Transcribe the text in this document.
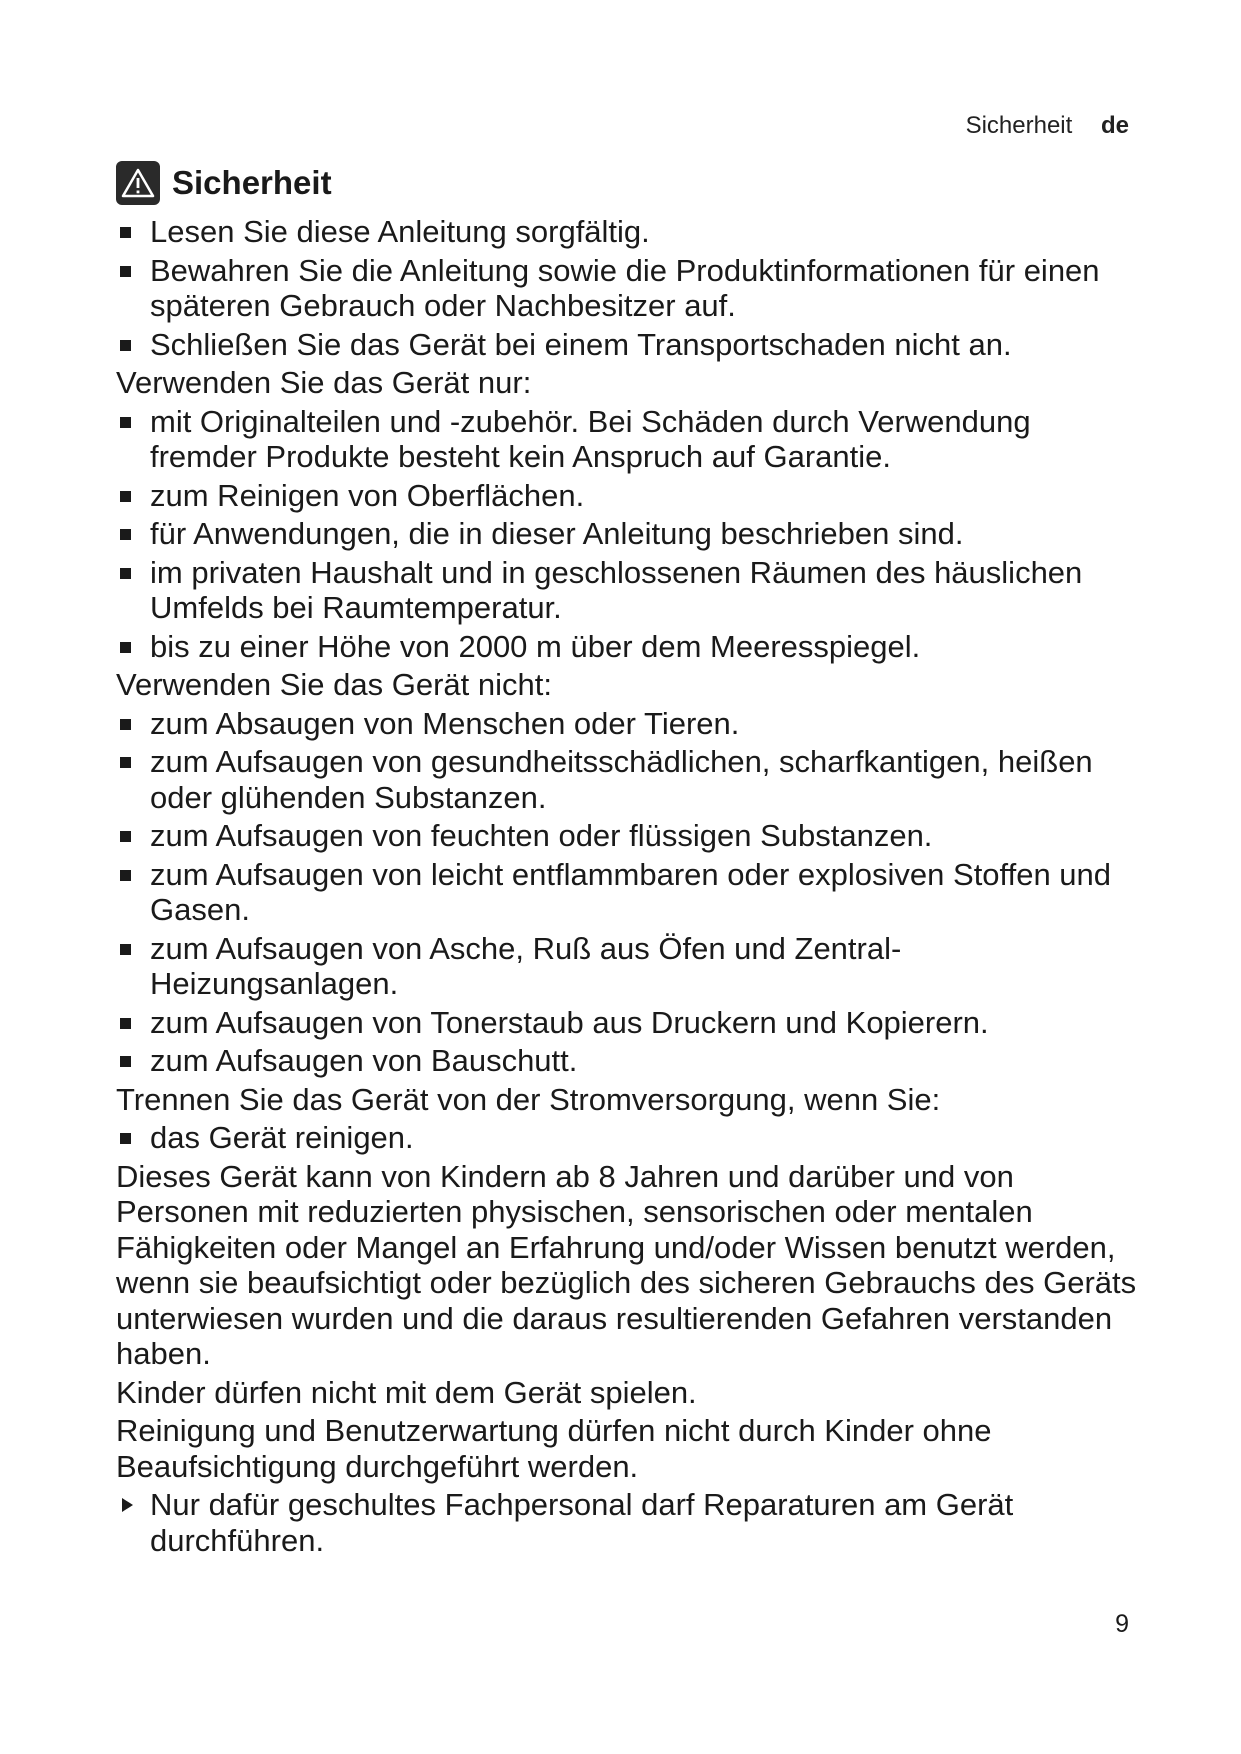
Sicherheit de
Sicherheit
Lesen Sie diese Anleitung sorgfältig.
Bewahren Sie die Anleitung sowie die Produktinformationen für einen späteren Gebrauch oder Nachbesitzer auf.
Schließen Sie das Gerät bei einem Transportschaden nicht an.
Verwenden Sie das Gerät nur:
mit Originalteilen und -zubehör. Bei Schäden durch Verwendung fremder Produkte besteht kein Anspruch auf Garantie.
zum Reinigen von Oberflächen.
für Anwendungen, die in dieser Anleitung beschrieben sind.
im privaten Haushalt und in geschlossenen Räumen des häuslichen Umfelds bei Raumtemperatur.
bis zu einer Höhe von 2000 m über dem Meeresspiegel.
Verwenden Sie das Gerät nicht:
zum Absaugen von Menschen oder Tieren.
zum Aufsaugen von gesundheitsschädlichen, scharfkantigen, heißen oder glühenden Substanzen.
zum Aufsaugen von feuchten oder flüssigen Substanzen.
zum Aufsaugen von leicht entflammbaren oder explosiven Stoffen und Gasen.
zum Aufsaugen von Asche, Ruß aus Öfen und Zentral-Heizungsanlagen.
zum Aufsaugen von Tonerstaub aus Druckern und Kopierern.
zum Aufsaugen von Bauschutt.
Trennen Sie das Gerät von der Stromversorgung, wenn Sie:
das Gerät reinigen.
Dieses Gerät kann von Kindern ab 8 Jahren und darüber und von Personen mit reduzierten physischen, sensorischen oder mentalen Fähigkeiten oder Mangel an Erfahrung und/oder Wissen benutzt werden, wenn sie beaufsichtigt oder bezüglich des sicheren Gebrauchs des Geräts unterwiesen wurden und die daraus resultierenden Gefahren verstanden haben.
Kinder dürfen nicht mit dem Gerät spielen.
Reinigung und Benutzerwartung dürfen nicht durch Kinder ohne Beaufsichtigung durchgeführt werden.
Nur dafür geschultes Fachpersonal darf Reparaturen am Gerät durchführen.
9
